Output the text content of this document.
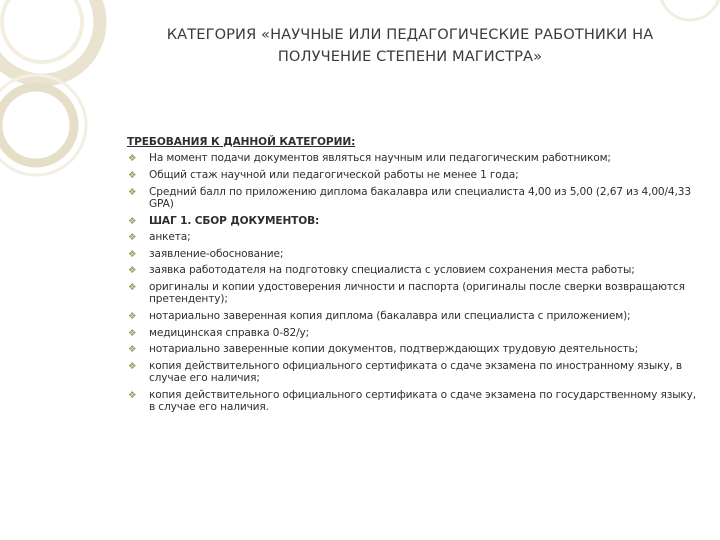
КАТЕГОРИЯ «НАУЧНЫЕ ИЛИ ПЕДАГОГИЧЕСКИЕ РАБОТНИКИ НА
ПОЛУЧЕНИЕ СТЕПЕНИ МАГИСТРА»
ТРЕБОВАНИЯ К ДАННОЙ КАТЕГОРИИ:
❖ На момент подачи документов являться научным или педагогическим работником;
❖ Общий стаж научной или педагогической работы не менее 1 года;
❖ Средний балл по приложению диплома бакалавра или специалиста 4,00 из 5,00 (2,67 из 4,00/4,33 GPA)
❖ ШАГ 1. СБОР ДОКУМЕНТОВ:
❖ анкета;
❖ заявление-обоснование;
❖ заявка работодателя на подготовку специалиста с условием сохранения места работы;
❖ оригиналы и копии удостоверения личности и паспорта (оригиналы после сверки возвращаются претенденту);
❖ нотариально заверенная копия диплома (бакалавра или специалиста с приложением);
❖ медицинская справка 0-82/у;
❖ нотариально заверенные копии документов, подтверждающих трудовую деятельность;
❖ копия действительного официального сертификата о сдаче экзамена по иностранному языку, в случае его наличия;
❖ копия действительного официального сертификата о сдаче экзамена по государственному языку, в случае его наличия.
